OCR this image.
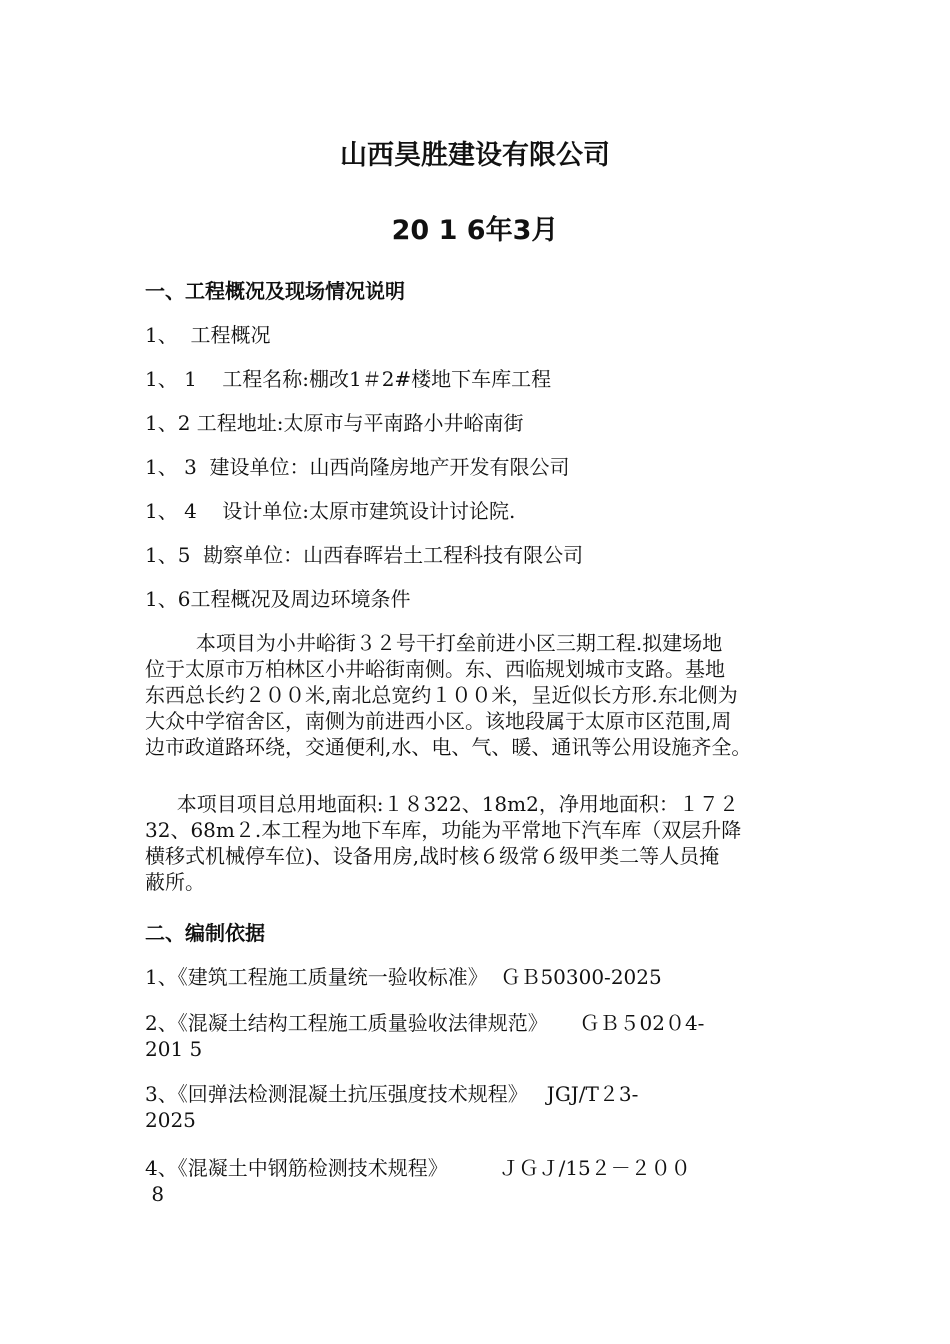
山西昊胜建设有限公司
20 1 6年3月
一、工程概况及现场情况说明
1、  工程概况
1、 1    工程名称:棚改1＃2#楼地下车库工程
1、2 工程地址:太原市与平南路小井峪南街
1、 3  建设单位：山西尚隆房地产开发有限公司
1、 4    设计单位:太原市建筑设计讨论院.
1、5  勘察单位：山西春晖岩土工程科技有限公司
1、6工程概况及周边环境条件
本项目为小井峪街３２号干打垒前进小区三期工程.拟建场地
位于太原市万柏林区小井峪街南侧。东、西临规划城市支路。基地
东西总长约２００米,南北总宽约１００米，呈近似长方形.东北侧为
大众中学宿舍区，南侧为前进西小区。该地段属于太原市区范围,周
边市政道路环绕，交通便利,水、电、气、暖、通讯等公用设施齐全。
本项目项目总用地面积:１８322、18m2，净用地面积：１７２
32、68m２.本工程为地下车库，功能为平常地下汽车库（双层升降
横移式机械停车位)、设备用房,战时核６级常６级甲类二等人员掩
蔽所。
二、编制依据
1、《建筑工程施工质量统一验收标准》  ＧＢ50300-2025
2、《混凝土结构工程施工质量验收法律规范》     ＧＢ５02０4-
201 5
3、《回弹法检测混凝土抗压强度技术规程》   JGJ/T２3-
2025
4、《混凝土中钢筋检测技术规程》        ＪＧＪ/15２－２００
8
